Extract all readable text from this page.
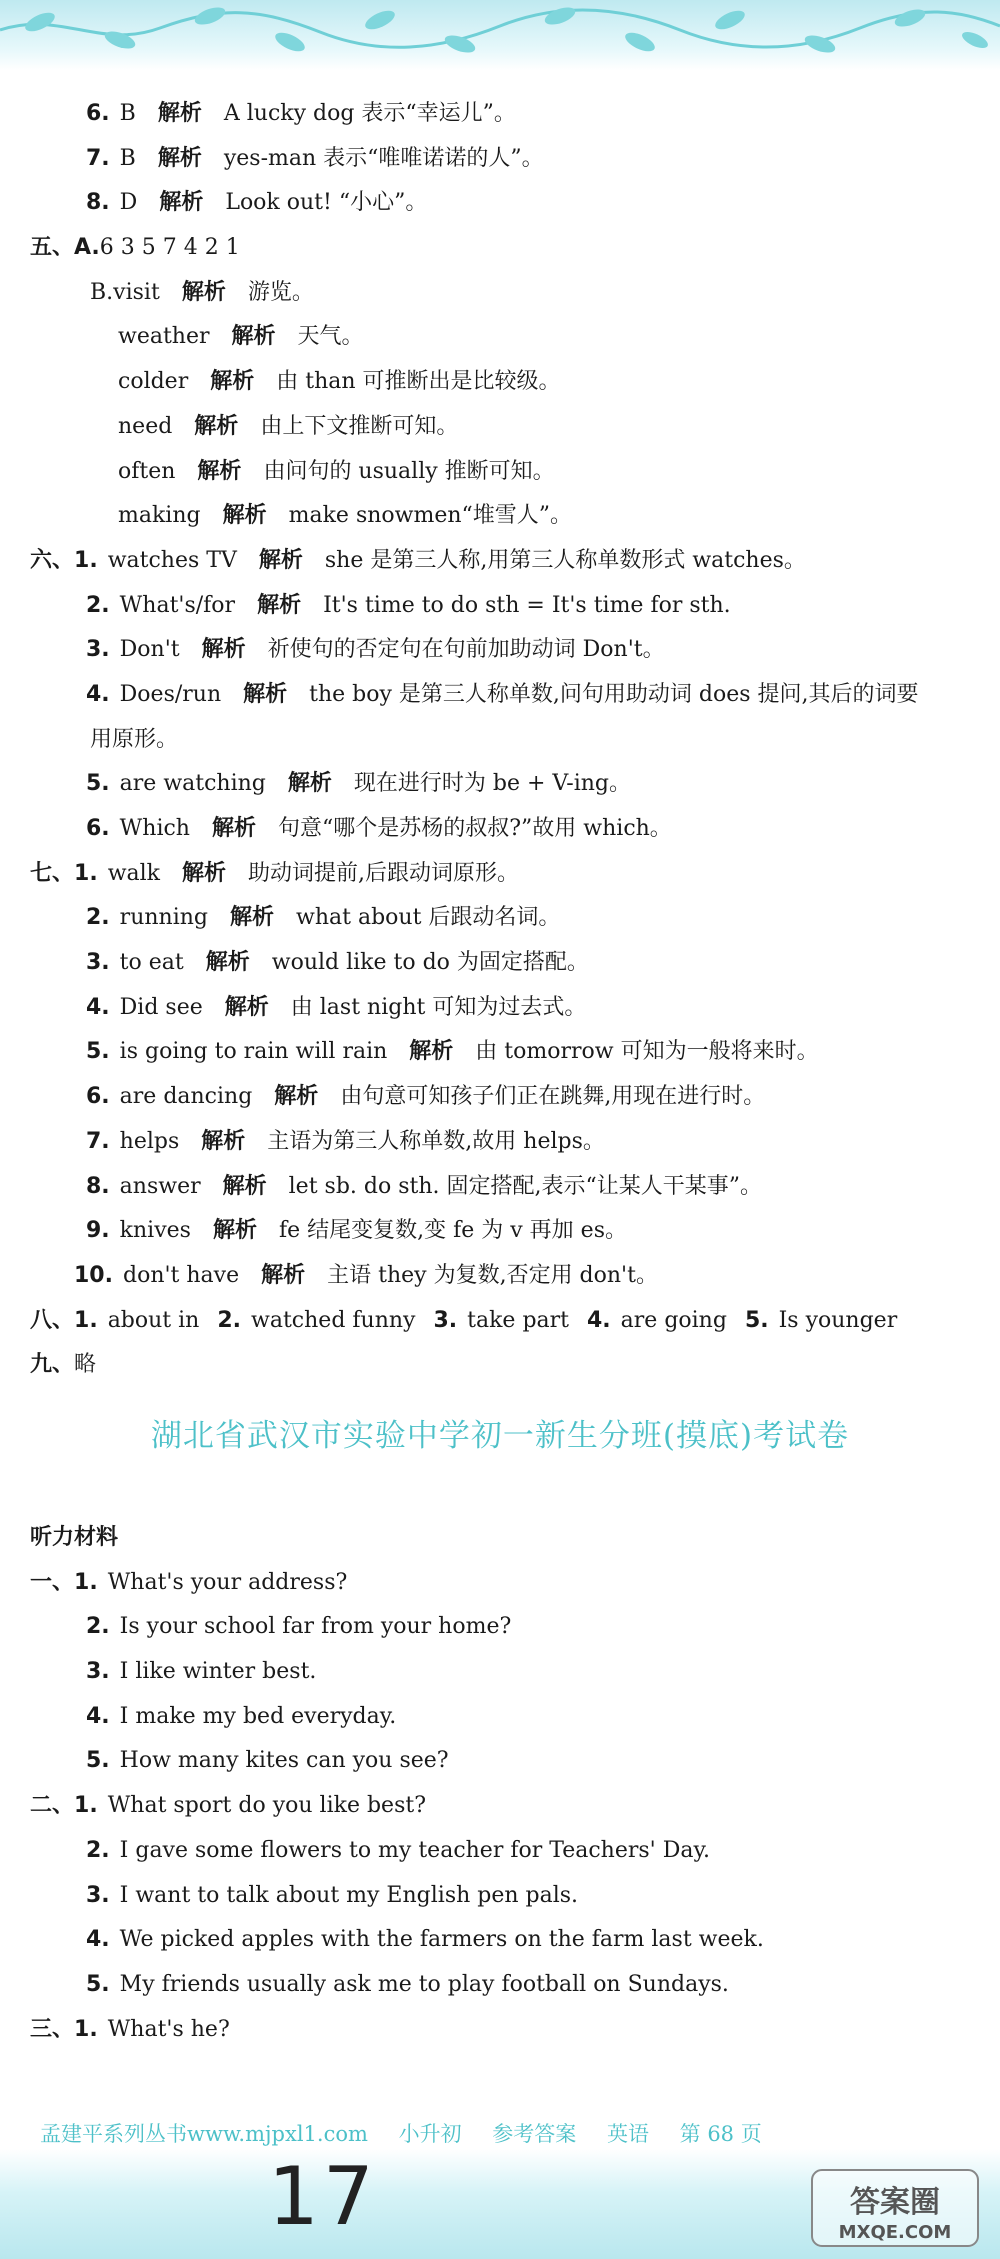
6. B 解析 A lucky dog 表示“幸运儿”。
7. B 解析 yes-man 表示“唯唯诺诺的人”。
8. D 解析 Look out! “小心”。
五、A.6 3 5 7 4 2 1
B.visit 解析 游览。
weather 解析 天气。
colder 解析 由 than 可推断出是比较级。
need 解析 由上下文推断可知。
often 解析 由问句的 usually 推断可知。
making 解析 make snowmen“堆雪人”。
六、1. watches TV 解析 she 是第三人称,用第三人称单数形式 watches。
2. What's/for 解析 It's time to do sth = It's time for sth.
3. Don't 解析 祈使句的否定句在句前加助动词 Don't。
4. Does/run 解析 the boy 是第三人称单数,问句用助动词 does 提问,其后的词要
用原形。
5. are watching 解析 现在进行时为 be + V-ing。
6. Which 解析 句意“哪个是苏杨的叔叔?”故用 which。
七、1. walk 解析 助动词提前,后跟动词原形。
2. running 解析 what about 后跟动名词。
3. to eat 解析 would like to do 为固定搭配。
4. Did see 解析 由 last night 可知为过去式。
5. is going to rain will rain 解析 由 tomorrow 可知为一般将来时。
6. are dancing 解析 由句意可知孩子们正在跳舞,用现在进行时。
7. helps 解析 主语为第三人称单数,故用 helps。
8. answer 解析 let sb. do sth. 固定搭配,表示“让某人干某事”。
9. knives 解析 fe 结尾变复数,变 fe 为 v 再加 es。
10. don't have 解析 主语 they 为复数,否定用 don't。
八、1. about in 2. watched funny 3. take part 4. are going 5. Is younger
九、略
湖北省武汉市实验中学初一新生分班(摸底)考试卷
听力材料
一、1. What's your address?
2. Is your school far from your home?
3. I like winter best.
4. I make my bed everyday.
5. How many kites can you see?
二、1. What sport do you like best?
2. I gave some flowers to my teacher for Teachers' Day.
3. I want to talk about my English pen pals.
4. We picked apples with the farmers on the farm last week.
5. My friends usually ask me to play football on Sundays.
三、1. What's he?
孟建平系列丛书www.mjpxl1.com 小升初 参考答案 英语 第 68 页
17	答案圈
MXQE.COM
